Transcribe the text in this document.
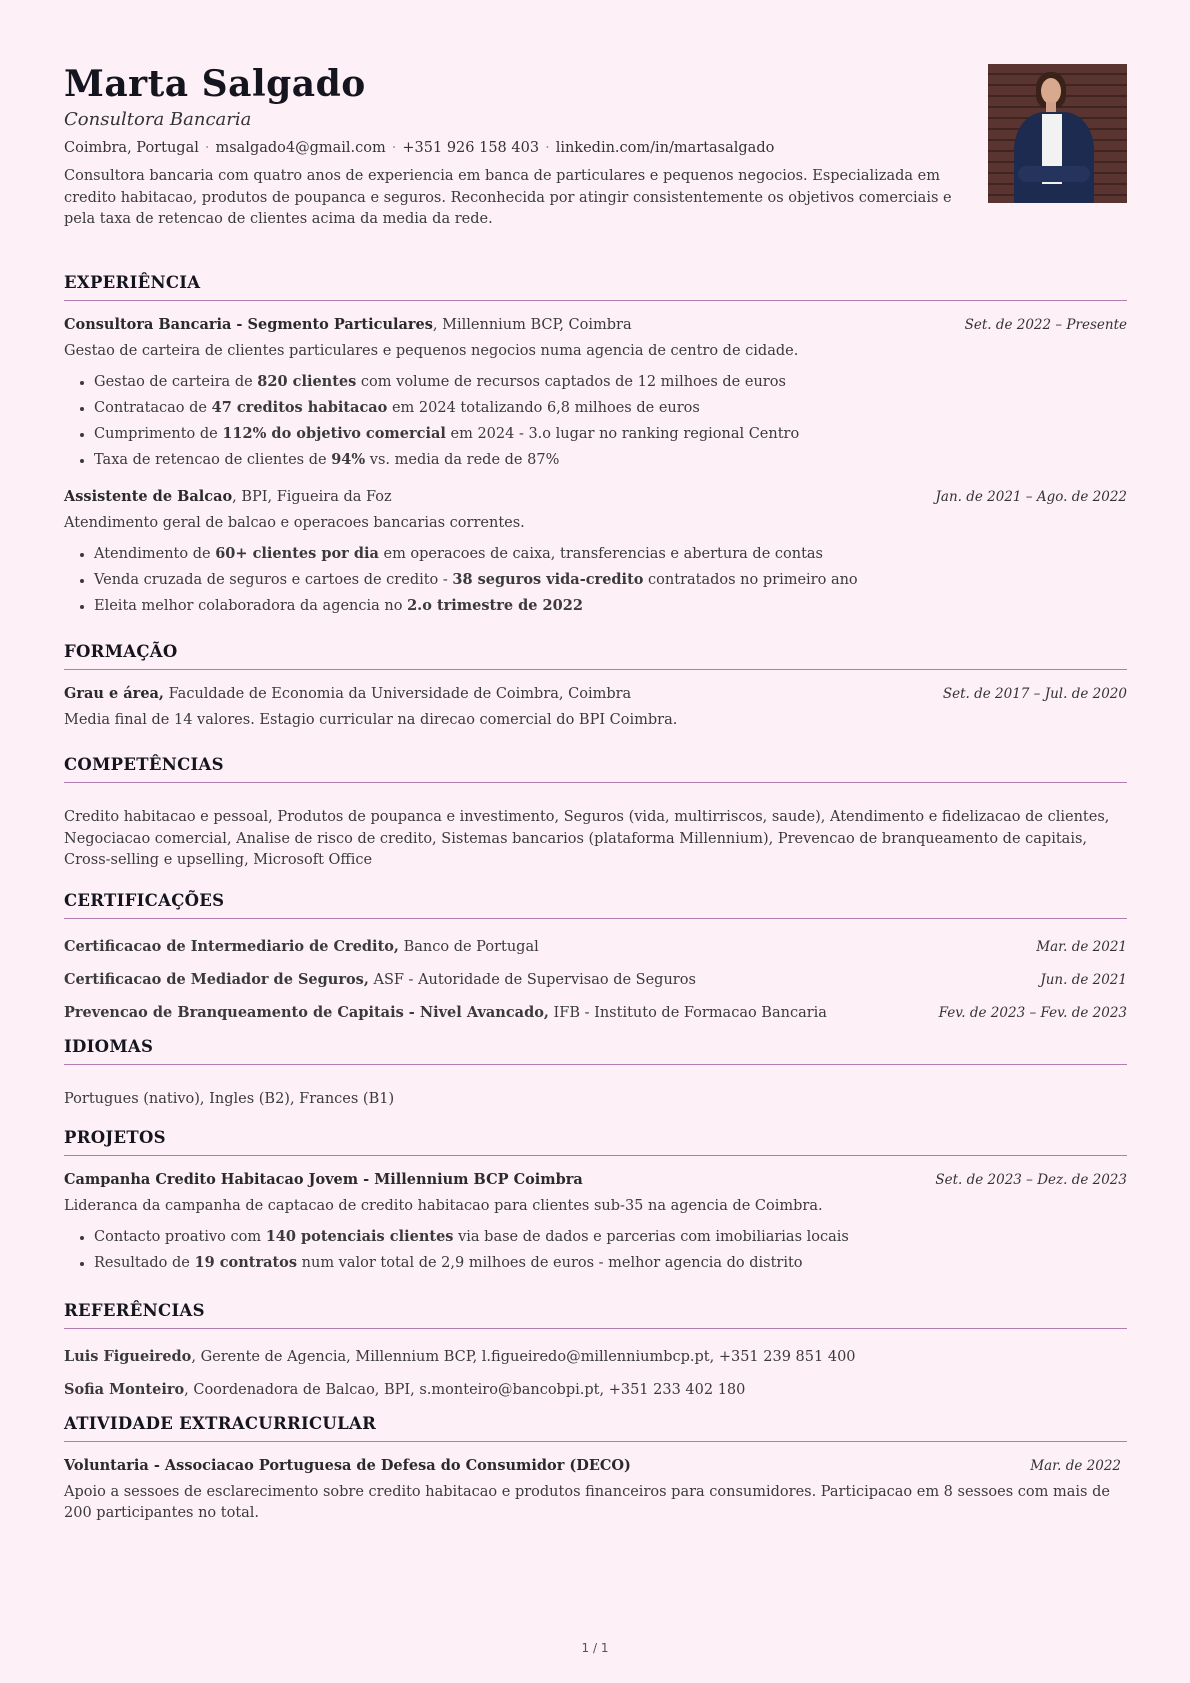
Marta Salgado
Consultora Bancaria
Coimbra, Portugal · msalgado4@gmail.com · +351 926 158 403 · linkedin.com/in/martasalgado
Consultora bancaria com quatro anos de experiencia em banca de particulares e pequenos negocios. Especializada em credito habitacao, produtos de poupanca e seguros. Reconhecida por atingir consistentemente os objetivos comerciais e pela taxa de retencao de clientes acima da media da rede.
EXPERIÊNCIA
Consultora Bancaria - Segmento Particulares, Millennium BCP, Coimbra	Set. de 2022 – Presente
Gestao de carteira de clientes particulares e pequenos negocios numa agencia de centro de cidade.
• Gestao de carteira de 820 clientes com volume de recursos captados de 12 milhoes de euros
• Contratacao de 47 creditos habitacao em 2024 totalizando 6,8 milhoes de euros
• Cumprimento de 112% do objetivo comercial em 2024 - 3.o lugar no ranking regional Centro
• Taxa de retencao de clientes de 94% vs. media da rede de 87%
Assistente de Balcao, BPI, Figueira da Foz	Jan. de 2021 – Ago. de 2022
Atendimento geral de balcao e operacoes bancarias correntes.
• Atendimento de 60+ clientes por dia em operacoes de caixa, transferencias e abertura de contas
• Venda cruzada de seguros e cartoes de credito - 38 seguros vida-credito contratados no primeiro ano
• Eleita melhor colaboradora da agencia no 2.o trimestre de 2022
FORMAÇÃO
Grau e área, Faculdade de Economia da Universidade de Coimbra, Coimbra	Set. de 2017 – Jul. de 2020
Media final de 14 valores. Estagio curricular na direcao comercial do BPI Coimbra.
COMPETÊNCIAS
Credito habitacao e pessoal, Produtos de poupanca e investimento, Seguros (vida, multirriscos, saude), Atendimento e fidelizacao de clientes, Negociacao comercial, Analise de risco de credito, Sistemas bancarios (plataforma Millennium), Prevencao de branqueamento de capitais, Cross-selling e upselling, Microsoft Office
CERTIFICAÇÕES
Certificacao de Intermediario de Credito, Banco de Portugal	Mar. de 2021
Certificacao de Mediador de Seguros, ASF - Autoridade de Supervisao de Seguros	Jun. de 2021
Prevencao de Branqueamento de Capitais - Nivel Avancado, IFB - Instituto de Formacao Bancaria	Fev. de 2023 – Fev. de 2023
IDIOMAS
Portugues (nativo), Ingles (B2), Frances (B1)
PROJETOS
Campanha Credito Habitacao Jovem - Millennium BCP Coimbra	Set. de 2023 – Dez. de 2023
Lideranca da campanha de captacao de credito habitacao para clientes sub-35 na agencia de Coimbra.
• Contacto proativo com 140 potenciais clientes via base de dados e parcerias com imobiliarias locais
• Resultado de 19 contratos num valor total de 2,9 milhoes de euros - melhor agencia do distrito
REFERÊNCIAS
Luis Figueiredo, Gerente de Agencia, Millennium BCP, l.figueiredo@millenniumbcp.pt, +351 239 851 400
Sofia Monteiro, Coordenadora de Balcao, BPI, s.monteiro@bancobpi.pt, +351 233 402 180
ATIVIDADE EXTRACURRICULAR
Voluntaria - Associacao Portuguesa de Defesa do Consumidor (DECO)	Mar. de 2022
Apoio a sessoes de esclarecimento sobre credito habitacao e produtos financeiros para consumidores. Participacao em 8 sessoes com mais de 200 participantes no total.
1 / 1
